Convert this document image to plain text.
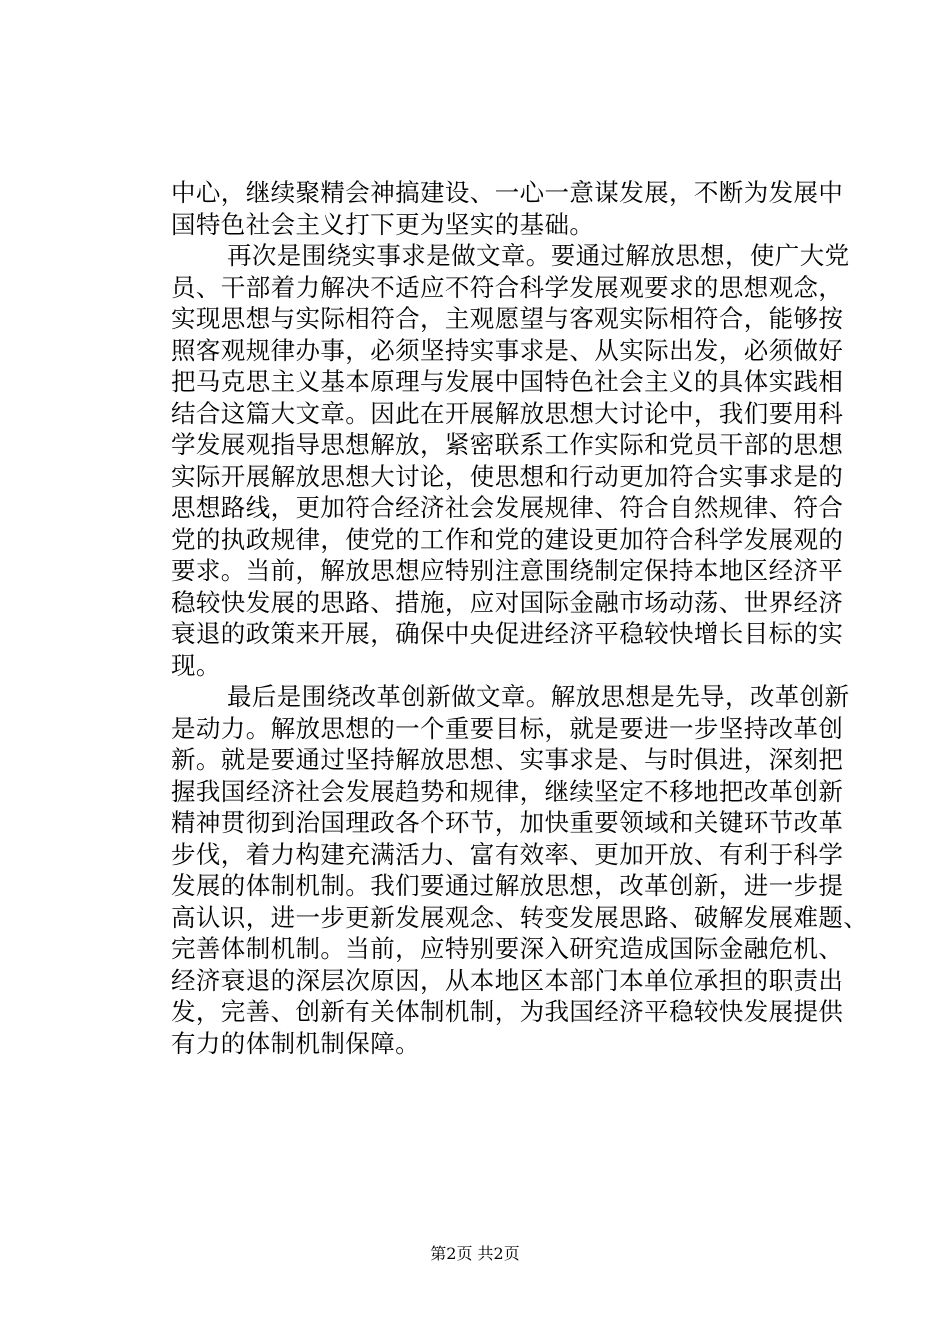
中心，继续聚精会神搞建设、一心一意谋发展，不断为发展中
国特色社会主义打下更为坚实的基础。
再次是围绕实事求是做文章。要通过解放思想，使广大党
员、干部着力解决不适应不符合科学发展观要求的思想观念，
实现思想与实际相符合，主观愿望与客观实际相符合，能够按
照客观规律办事，必须坚持实事求是、从实际出发，必须做好
把马克思主义基本原理与发展中国特色社会主义的具体实践相
结合这篇大文章。因此在开展解放思想大讨论中，我们要用科
学发展观指导思想解放，紧密联系工作实际和党员干部的思想
实际开展解放思想大讨论，使思想和行动更加符合实事求是的
思想路线，更加符合经济社会发展规律、符合自然规律、符合
党的执政规律，使党的工作和党的建设更加符合科学发展观的
要求。当前，解放思想应特别注意围绕制定保持本地区经济平
稳较快发展的思路、措施，应对国际金融市场动荡、世界经济
衰退的政策来开展，确保中央促进经济平稳较快增长目标的实
现。
最后是围绕改革创新做文章。解放思想是先导，改革创新
是动力。解放思想的一个重要目标，就是要进一步坚持改革创
新。就是要通过坚持解放思想、实事求是、与时俱进，深刻把
握我国经济社会发展趋势和规律，继续坚定不移地把改革创新
精神贯彻到治国理政各个环节，加快重要领域和关键环节改革
步伐，着力构建充满活力、富有效率、更加开放、有利于科学
发展的体制机制。我们要通过解放思想，改革创新，进一步提
高认识，进一步更新发展观念、转变发展思路、破解发展难题、
完善体制机制。当前，应特别要深入研究造成国际金融危机、
经济衰退的深层次原因，从本地区本部门本单位承担的职责出
发，完善、创新有关体制机制，为我国经济平稳较快发展提供
有力的体制机制保障。
第2页 共2页
